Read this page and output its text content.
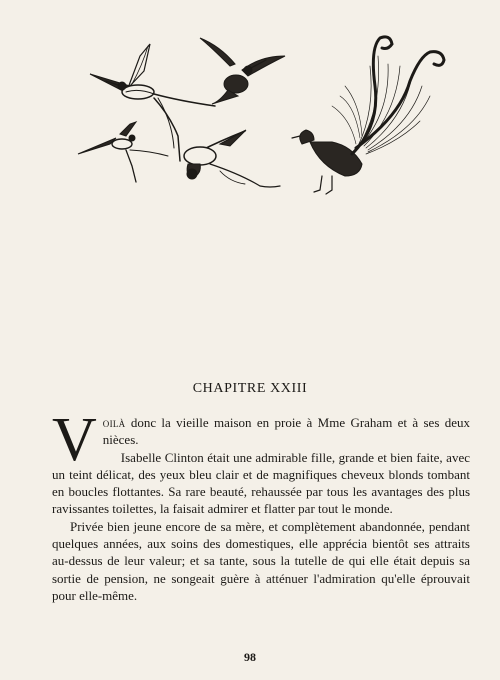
CHAPITRE XXIII

Voilà donc la vieille maison en proie à Mme Graham et à ses deux nièces.

Isabelle Clinton était une admirable fille, grande et bien faite, avec un teint délicat, des yeux bleu clair et de magnifiques cheveux blonds tombant en boucles flottantes. Sa rare beauté, rehaussée par tous les avantages des plus ravissantes toilettes, la faisait admirer et flatter par tout le monde.

Privée bien jeune encore de sa mère, et complètement abandonnée, pendant quelques années, aux soins des domestiques, elle apprécia bientôt ses attraits au-dessus de leur valeur; et sa tante, sous la tutelle de qui elle était depuis sa sortie de pension, ne songeait guère à atténuer l'admiration qu'elle éprouvait pour elle-même.

98
